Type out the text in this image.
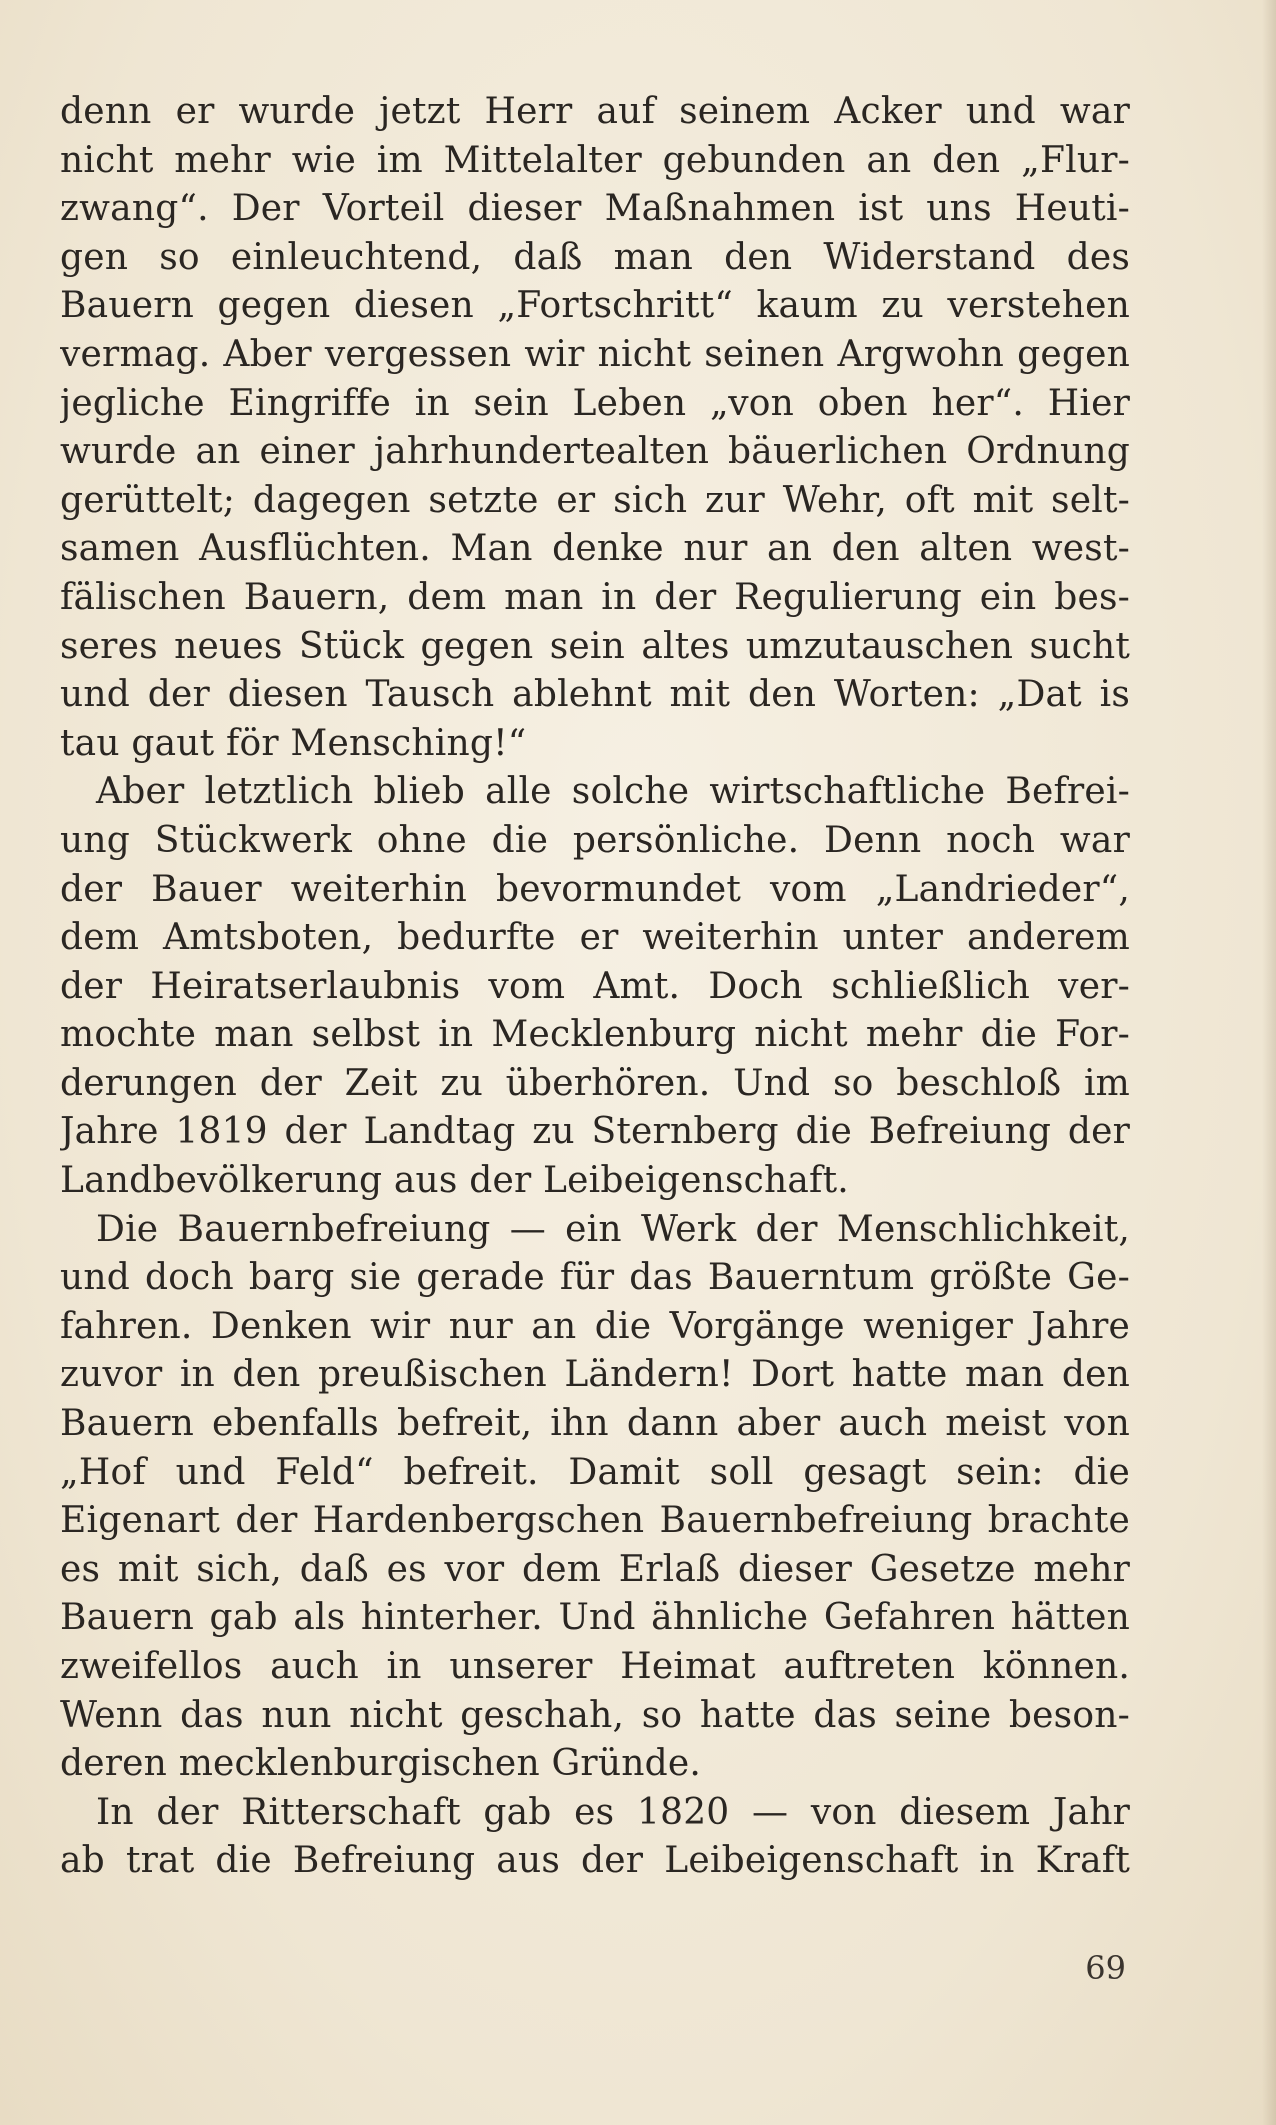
denn er wurde jetzt Herr auf seinem Acker und war
nicht mehr wie im Mittelalter gebunden an den „Flur-
zwang“. Der Vorteil dieser Maßnahmen ist uns Heuti-
gen so einleuchtend, daß man den Widerstand des
Bauern gegen diesen „Fortschritt“ kaum zu verstehen
vermag. Aber vergessen wir nicht seinen Argwohn gegen
jegliche Eingriffe in sein Leben „von oben her“. Hier
wurde an einer jahrhundertealten bäuerlichen Ordnung
gerüttelt; dagegen setzte er sich zur Wehr, oft mit selt-
samen Ausflüchten. Man denke nur an den alten west-
fälischen Bauern, dem man in der Regulierung ein bes-
seres neues Stück gegen sein altes umzutauschen sucht
und der diesen Tausch ablehnt mit den Worten: „Dat is
tau gaut för Mensching!“
Aber letztlich blieb alle solche wirtschaftliche Befrei-
ung Stückwerk ohne die persönliche. Denn noch war
der Bauer weiterhin bevormundet vom „Landrieder“,
dem Amtsboten, bedurfte er weiterhin unter anderem
der Heiratserlaubnis vom Amt. Doch schließlich ver-
mochte man selbst in Mecklenburg nicht mehr die For-
derungen der Zeit zu überhören. Und so beschloß im
Jahre 1819 der Landtag zu Sternberg die Befreiung der
Landbevölkerung aus der Leibeigenschaft.
Die Bauernbefreiung — ein Werk der Menschlichkeit,
und doch barg sie gerade für das Bauerntum größte Ge-
fahren. Denken wir nur an die Vorgänge weniger Jahre
zuvor in den preußischen Ländern! Dort hatte man den
Bauern ebenfalls befreit, ihn dann aber auch meist von
„Hof und Feld“ befreit. Damit soll gesagt sein: die
Eigenart der Hardenbergschen Bauernbefreiung brachte
es mit sich, daß es vor dem Erlaß dieser Gesetze mehr
Bauern gab als hinterher. Und ähnliche Gefahren hätten
zweifellos auch in unserer Heimat auftreten können.
Wenn das nun nicht geschah, so hatte das seine beson-
deren mecklenburgischen Gründe.
In der Ritterschaft gab es 1820 — von diesem Jahr
ab trat die Befreiung aus der Leibeigenschaft in Kraft
69
